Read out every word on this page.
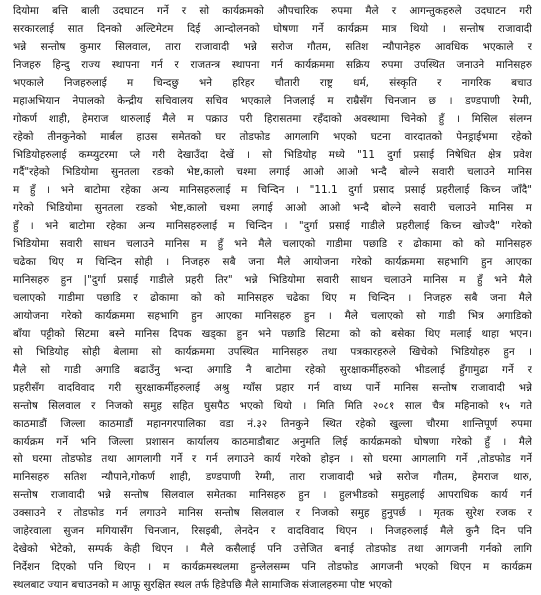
दियोमा बत्ति बाली उदघाटन गर्ने र सो कार्यक्रमको औपचारिक रुपमा मैले र आगन्तुकहरुले उदघाटन गरी
सरकारलाई सात दिनको अल्टिमेटम दिई आन्दोलनको घोषणा गर्ने कार्यक्रम मात्र थियो । सन्तोष राजावादी
भन्ने सन्तोष कुमार सिलवाल, तारा राजावादी भन्ने सरोज गौतम, सतिश न्यौपानेहरु आवधिक भएकाले र
निजहरु हिन्दु राज्य स्थापना गर्न र राजतन्त्र स्थापना गर्न कार्यक्रममा सक्रिय रुपमा उपस्थित जनाउने मानिसहरु
भएकाले निजहरुलाई म चिन्दछु भने हरिहर चौतारी राष्ट्र धर्म, संस्कृति र नागरिक बचाउ
महाअभियान नेपालको केन्द्रीय सचिवालय सचिव भएकाले निजलाई म राम्रैसँग चिनजान छ । डण्डपाणी रेग्मी,
गोकर्ण शाही, हेमराज थारुलाई मैले म पक्राउ परी हिरासतमा रहँदाको अवस्थामा चिनेको हुँ । मिसिल संलग्न
रहेको तीनकुनेको मार्बल हाउस समेतको घर तोडफोड आगलागि भएको घटना वारदातको पेनड्राईभमा रहेको
भिडियोहरुलाई कम्प्युटरमा प्ले गरी देखाउँदा देखें । सो भिडियोह मध्ये "11 दुर्गा प्रसाई निषेधित क्षेत्र प्रवेश
गर्दै"रहेको भिडियोमा सुनतला रङको भेष्ट,कालो चश्मा लगाई आओ आओ भन्दै बोल्ने सवारी चलाउने मानिस
म हुँ । भने बाटोमा रहेका अन्य मानिसहरुलाई म चिन्दिन । "11.1 दुर्गा प्रसाद प्रसाई प्रहरीलाई किच्न जाँदै"
गरेको भिडियोमा सुनतला रङको भेष्ट,कालो चश्मा लगाई आओ आओ भन्दै बोल्ने सवारी चलाउने मानिस म
हुँ । भने बाटोमा रहेका अन्य मानिसहरुलाई म चिन्दिन । "दुर्गा प्रसाई गाडीले प्रहरीलाई किच्न खोज्दै" गरेको
भिडियोमा सवारी साधन चलाउने मानिस म हुँ भने मैले चलाएको गाडीमा पछाडि र ढोकामा को को मानिसहरु
चढेका थिए म चिन्दिन सोही । निजहरु सबै जना मैले आयोजना गरेको कार्यक्रममा सहभागि हुन आएका
मानिसहरु हुन |"दुर्गा प्रसाई गाडीले प्रहरी तिर" भन्ने भिडियोमा सवारी साधन चलाउने मानिस म हुँ भने मैले
चलाएको गाडीमा पछाडि र ढोकामा को को मानिसहरु चढेका थिए म चिन्दिन । निजहरु सबै जना मैले
आयोजना गरेको कार्यक्रममा सहभागि हुन आएका मानिसहरु हुन । मैले चलाएको सो गाडी भित्र अगाडिको
बाँया पट्टीको सिटमा बस्ने मानिस दिपक खड्का हुन भने पछाडि सिटमा को को बसेका थिए मलाई थाहा भएन।
सो भिडियोह सोही बेलामा सो कार्यक्रममा उपस्थित मानिसहरु तथा पत्रकारहरुले खिचेको भिडियोहरु हुन ।
मैले सो गाडी अगाडि बढाउँनु भन्दा अगाडि नै बाटोमा रहेको सुरक्षाकर्मीहरुको भीडलाई हुँगामुढा गर्ने र
प्रहरीसँग वादविवाद गरी सुरक्षाकर्मीहरुलाई अश्रु ग्याँस प्रहार गर्न वाध्य पार्ने मानिस सन्तोष राजावादी भन्ने
सन्तोष सिलवाल र निजको समुह सहित घुसपैठ भएको थियो । मिति मिति २०८१ साल चैत्र महिनाको १५ गते
काठमाडौं जिल्ला काठमाडौं महानगरपालिका वडा नं.३२ तिनकुने स्थित रहेको खुल्ला चौरमा शान्तिपूर्ण रुपमा
कार्यक्रम गर्ने भनि जिल्ला प्रशासन कार्यालय काठमाडौबाट अनुमति लिई कार्यक्रमको घोषणा गरेको हुँ । मैले
सो घरमा तोडफोड तथा आगलागी गर्ने र गर्न लगाउने कार्य गरेको होइन । सो घरमा आगलागि गर्ने ,तोडफोड गर्ने
मानिसहरु सतिश न्यौपाने,गोकर्ण शाही, डण्डपाणी रेग्मी, तारा राजावादी भन्ने सरोज गौतम, हेमराज थारु,
सन्तोष राजावादी भन्ने सन्तोष सिलवाल समेतका मानिसहरु हुन । हुलभीडको समुहलाई आपराधिक कार्य गर्न
उक्साउने र तोडफोड गर्न लगाउने मानिस सन्तोष सिलवाल र निजको समुह हुनुपर्छ । मृतक सुरेश रजक र
जाहेरवाला सुजन मगियासँग चिनजान, रिसइबी, लेनदेन र वादविवाद थिएन । निजहरुलाई मैले कुनै दिन पनि
देखेको भेटेको, सम्पर्क केही थिएन । मैले कसैलाई पनि उत्तेजित बनाई तोडफोड तथा आगजनी गर्नको लागि
निर्देशन दिएको पनि थिएन । म कार्यक्रमस्थलमा हुन्लेलसम्म पनि तोडफोड आगजनी भएको थिएन म कार्यक्रम
स्थलबाट ज्यान बचाउनको म आफू सुरक्षित स्थल तर्फ हिडेपछि मैले सामाजिक संजालहरुमा पोष्ट भएको
